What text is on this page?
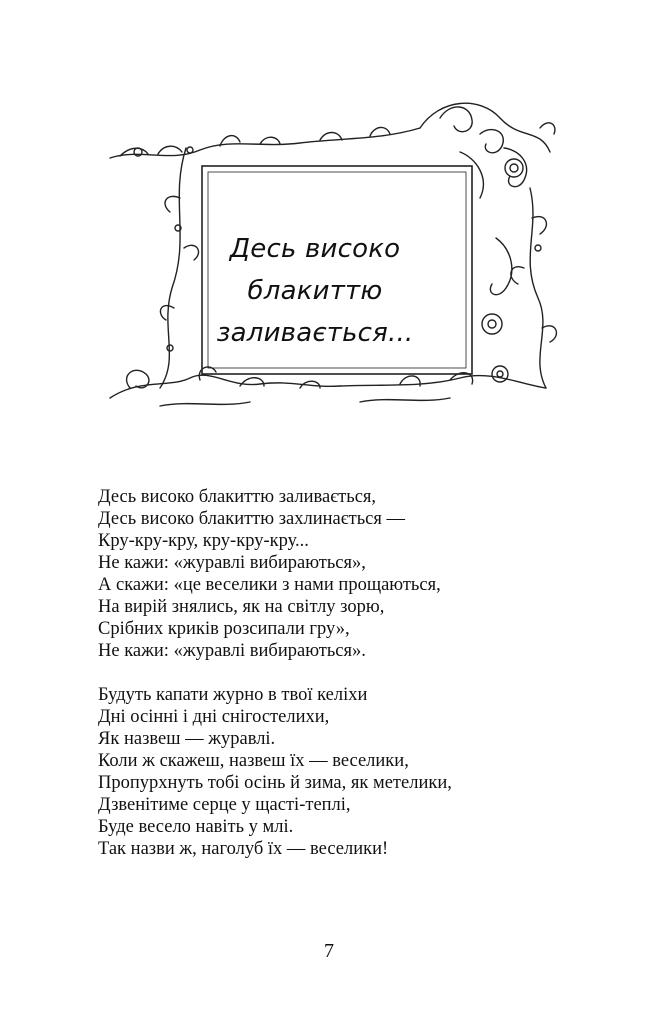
Десь високо
блакиттю
заливається...
Десь високо блакиттю заливається,
Десь високо блакиттю захлинається —
Кру-кру-кру, кру-кру-кру...
Не кажи: «журавлі вибираються»,
А скажи: «це веселики з нами прощаються,
На вирій знялись, як на світлу зорю,
Срібних криків розсипали гру»,
Не кажи: «журавлі вибираються».
Будуть капати журно в твої келіхи
Дні осінні і дні снігостелихи,
Як назвеш — журавлі.
Коли ж скажеш, назвеш їх — веселики,
Пропурхнуть тобі осінь й зима, як метелики,
Дзвенітиме серце у щасті-теплі,
Буде весело навіть у млі.
Так назви ж, наголуб їх — веселики!
7
